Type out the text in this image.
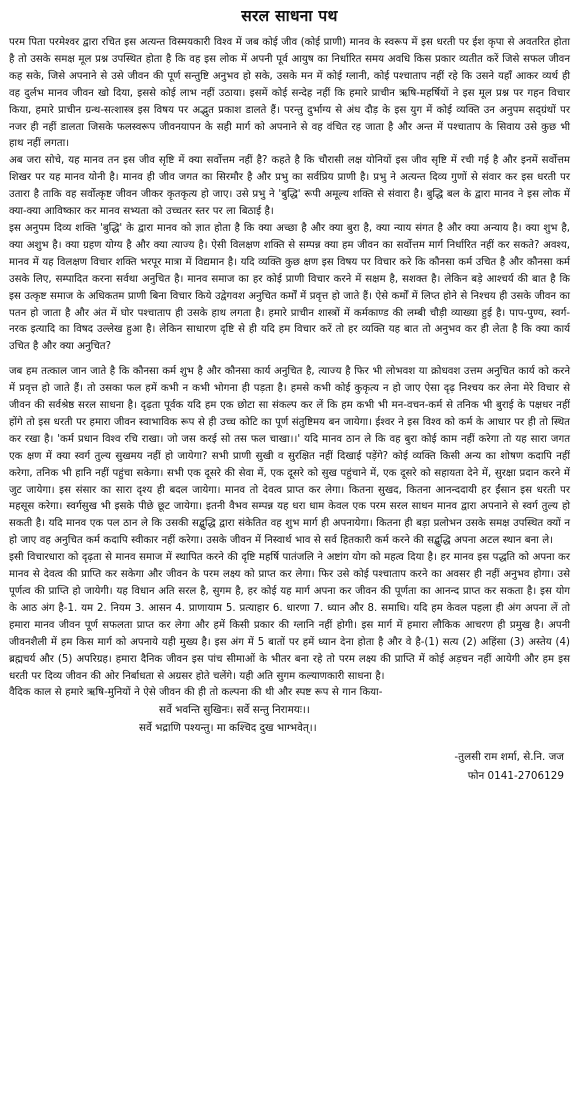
सरल साधना पथ

परम पिता परमेश्वर द्वारा रचित इस अत्यन्त विस्मयकारी विश्व में जब कोई जीव (कोई प्राणी) मानव के स्वरूप में इस धरती पर ईश कृपा से अवतरित होता है तो उसके समक्ष मूल प्रश्न उपस्थित होता है कि वह इस लोक में अपनी पूर्व आयुष का निर्धारित समय अवधि किस प्रकार व्यतीत करें जिसे सफल जीवन कह सके, जिसे अपनाने से उसे जीवन की पूर्ण सन्तुष्टि अनुभव हो सके, उसके मन में कोई ग्लानी, कोई पश्चाताप नहीं रहे कि उसने यहाँ आकर व्यर्थ ही वह दुर्लभ मानव जीवन खो दिया, इससे कोई लाभ नहीं उठाया। इसमें कोई सन्देह नहीं कि हमारे प्राचीन ऋषि-महर्षियों ने इस मूल प्रश्न पर गहन विचार किया, हमारे प्राचीन ग्रन्थ-सत्शास्त्र इस विषय पर अद्भुत प्रकाश डालते हैं। परन्तु दुर्भाग्य से अंध दौड़ के इस युग में कोई व्यक्ति उन अनुपम सद्ग्रंथों पर नजर ही नहीं डालता जिसके फलस्वरूप जीवनयापन के सही मार्ग को अपनाने से वह वंचित रह जाता है और अन्त में पश्चाताप के सिवाय उसे कुछ भी हाथ नहीं लगता।

अब जरा सोचे, यह मानव तन इस जीव सृष्टि में क्या सर्वोत्तम नहीं है? कहते है कि चौरासी लक्ष योनियों इस जीव सृष्टि में रची गई है और इनमें सर्वोत्तम शिखर पर यह मानव योनी है। मानव ही जीव जगत का सिरमौर है और प्रभु का सर्वप्रिय प्राणी है। प्रभु ने अत्यन्त दिव्य गुणों से संवार कर इस धरती पर उतारा है ताकि वह सर्वोत्कृष्ट जीवन जीकर कृतकृत्य हो जाए। उसे प्रभु ने 'बुद्धि' रूपी अमूल्य शक्ति से संवारा है। बुद्धि बल के द्वारा मानव ने इस लोक में क्या-क्या आविष्कार कर मानव सभ्यता को उच्चतर स्तर पर ला बिठाई है।

इस अनुपम दिव्य शक्ति 'बुद्धि' के द्वारा मानव को ज्ञात होता है कि क्या अच्छा है और क्या बुरा है, क्या न्याय संगत है और क्या अन्याय है। क्या शुभ है, क्या अशुभ है। क्या ग्रहण योग्य है और क्या त्याज्य है। ऐसी विलक्षण शक्ति से सम्पन्न क्या हम जीवन का सर्वोत्तम मार्ग निर्धारित नहीं कर सकते? अवश्य, मानव में यह विलक्षण विचार शक्ति भरपूर मात्रा में विद्यमान है। यदि व्यक्ति कुछ क्षण इस विषय पर विचार करे कि कौनसा कर्म उचित है और कौनसा कर्म उसके लिए, सम्पादित करना सर्वथा अनुचित है। मानव समाज का हर कोई प्राणी विचार करने में सक्षम है, सशक्त है। लेकिन बड़े आश्चर्य की बात है कि इस उत्कृष्ट समाज के अधिकतम प्राणी बिना विचार किये उद्वेगवश अनुचित कर्मों में प्रवृत्त हो जाते हैं। ऐसे कर्मों में लिप्त होने से निश्चय ही उसके जीवन का पतन हो जाता है और अंत में घोर पश्चाताप ही उसके हाथ लगता है। हमारे प्राचीन शास्त्रों में कर्मकाण्ड की लम्बी चौड़ी व्याख्या हुई है। पाप-पुण्य, स्वर्ग-नरक इत्यादि का विषद उल्लेख हुआ है। लेकिन साधारण दृष्टि से ही यदि हम विचार करें तो हर व्यक्ति यह बात तो अनुभव कर ही लेता है कि क्या कार्य उचित है और क्या अनुचित?

जब हम तत्काल जान जाते है कि कौनसा कर्म शुभ है और कौनसा कार्य अनुचित है, त्याज्य है फिर भी लोभवश या क्रोधवश उत्तम अनुचित कार्य को करने में प्रवृत्त हो जाते हैं। तो उसका फल हमें कभी न कभी भोगना ही पड़ता है। हमसे कभी कोई कुकृत्य न हो जाए ऐसा दृढ़ निश्चय कर लेना मेरे विचार से जीवन की सर्वश्रेष्ठ सरल साधना है। दृढ़ता पूर्वक यदि हम एक छोटा सा संकल्प कर लें कि हम कभी भी मन-वचन-कर्म से तनिक भी बुराई के पक्षधर नहीं होंगे तो इस धरती पर हमारा जीवन स्वाभाविक रूप से ही उच्च कोटि का पूर्ण संतुष्टिमय बन जायेगा। ईश्वर ने इस विश्व को कर्म के आधार पर ही तो स्थित कर रखा है। 'कर्म प्रधान विश्व रचि राखा। जो जस करई सो तस फल चाखा।।' यदि मानव ठान ले कि वह बुरा कोई काम नहीं करेगा तो यह सारा जगत एक क्षण में क्या स्वर्ग तुल्य सुखमय नहीं हो जायेगा? सभी प्राणी सुखी व सुरक्षित नहीं दिखाई पड़ेंगे? कोई व्यक्ति किसी अन्य का शोषण कदापि नहीं करेगा, तनिक भी हानि नहीं पहुंचा सकेगा। सभी एक दूसरे की सेवा में, एक दूसरे को सुख पहुंचाने में, एक दूसरे को सहायता देने में, सुरक्षा प्रदान करने में जुट जायेगा। इस संसार का सारा दृश्य ही बदल जायेगा। मानव तो देवत्व प्राप्त कर लेगा। कितना सुखद, कितना आनन्ददायी हर ईंसान इस धरती पर महसूस करेगा। स्वर्गसुख भी इसके पीछे छूट जायेगा। इतनी वैभव सम्पन्न यह धरा धाम केवल एक परम सरल साधन मानव द्वारा अपनाने से स्वर्ग तुल्य हो सकती है। यदि मानव एक पल ठान ले कि उसकी सद्बुद्धि द्वारा संकेतित वह शुभ मार्ग ही अपनायेगा। कितना ही बड़ा प्रलोभन उसके समक्ष उपस्थित क्यों न हो जाए वह अनुचित कर्म कदापि स्वीकार नहीं करेगा। उसके जीवन में निस्वार्थ भाव से सर्व हितकारी कर्म करने की सद्बुद्धि अपना अटल स्थान बना ले।

इसी विचारधारा को दृढ़ता से मानव समाज में स्थापित करने की दृष्टि महर्षि पातंजलि ने अष्टांग योग को महत्व दिया है। हर मानव इस पद्धति को अपना कर मानव से देवत्व की प्राप्ति कर सकेगा और जीवन के परम लक्ष्य को प्राप्त कर लेगा। फिर उसे कोई पश्चाताप करने का अवसर ही नहीं अनुभव होगा। उसे पूर्णत्व की प्राप्ति हो जायेगी। यह विधान अति सरल है, सुगम है, हर कोई यह मार्ग अपना कर जीवन की पूर्णता का आनन्द प्राप्त कर सकता है। इस योग के आठ अंग है-1. यम 2. नियम 3. आसन 4. प्राणायाम 5. प्रत्याहार 6. धारणा 7. ध्यान और 8. समाधि। यदि हम केवल पहला ही अंग अपना लें तो हमारा मानव जीवन पूर्ण सफलता प्राप्त कर लेगा और हमें किसी प्रकार की ग्लानि नहीं होगी। इस मार्ग में हमारा लौकिक आचरण ही प्रमुख है। अपनी जीवनशैली में हम किस मार्ग को अपनाये यही मुख्य है। इस अंग में 5 बातों पर हमें ध्यान देना होता है और वे है-(1) सत्य (2) अहिंसा (3) अस्तेय (4) ब्रह्मचर्य और (5) अपरिग्रह। हमारा दैनिक जीवन इस पांच सीमाओं के भीतर बना रहे तो परम लक्ष्य की प्राप्ति में कोई अड़चन नहीं आयेगी और हम इस धरती पर दिव्य जीवन की ओर निर्बाधता से अग्रसर होते चलेंगे। यही अति सुगम कल्याणकारी साधना है।

वैदिक काल से हमारे ऋषि-मुनियों ने ऐसे जीवन की ही तो कल्पना की थी और स्पष्ट रूप से गान किया-

सर्वे भवन्ति सुखिनः। सर्वे सन्तु निरामयः।।

सर्वे भद्राणि पश्यन्तु। मा कश्चिद दुख भाग्भवेत्।।

-तुलसी राम शर्मा, से.नि. जज
फोन 0141-2706129
